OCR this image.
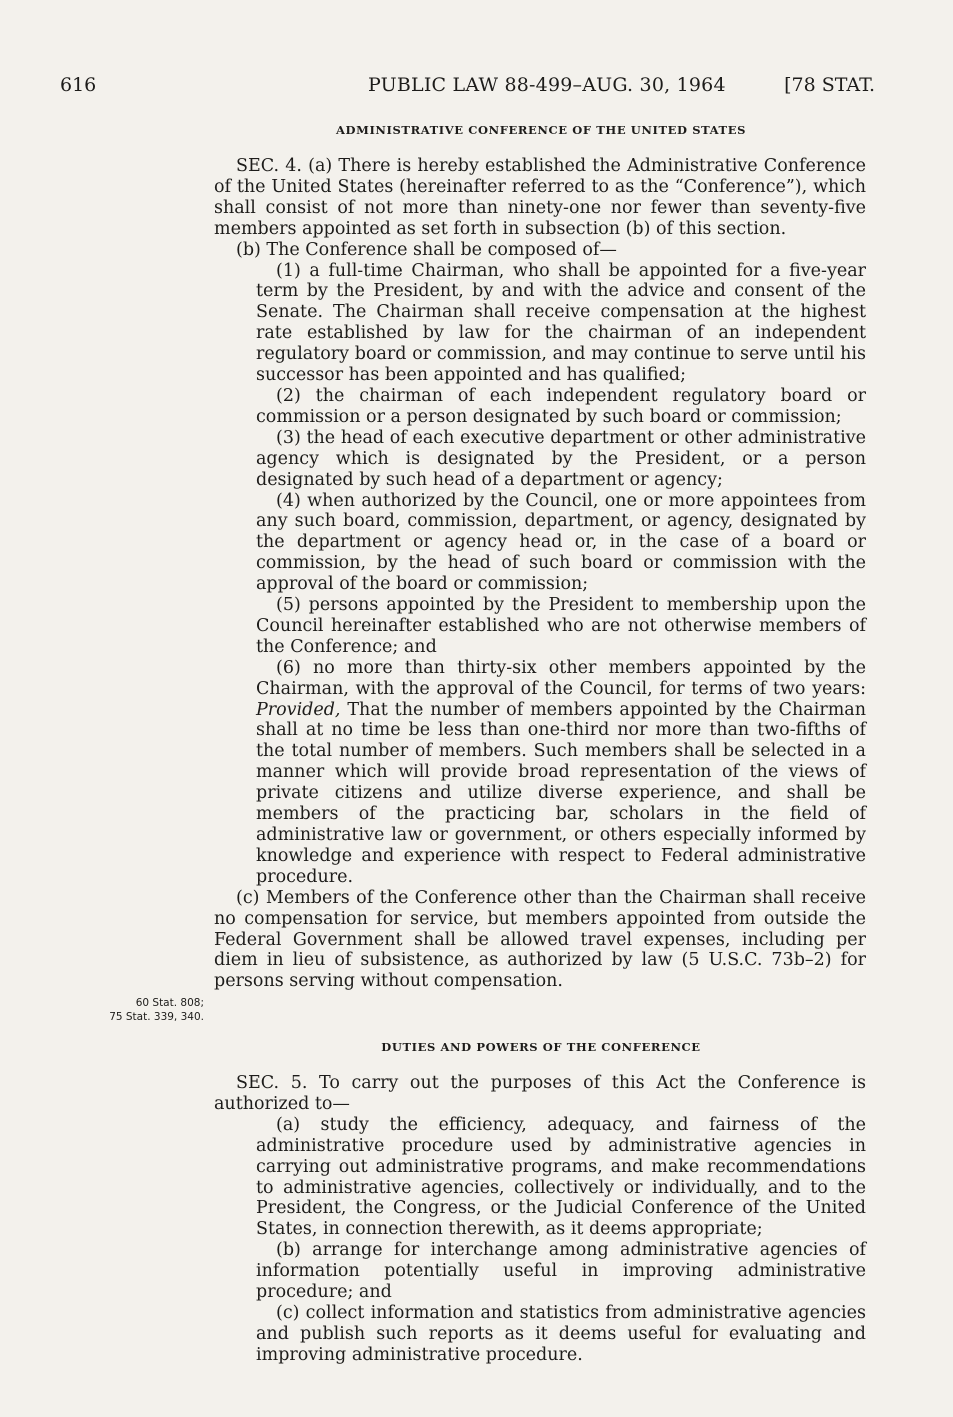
616	PUBLIC LAW 88-499–AUG. 30, 1964	[78 STAT.
ADMINISTRATIVE CONFERENCE OF THE UNITED STATES

SEC. 4. (a) There is hereby established the Administrative Conference of the United States (hereinafter referred to as the “Conference”), which shall consist of not more than ninety-one nor fewer than seventy-five members appointed as set forth in subsection (b) of this section.

(b) The Conference shall be composed of—

(1) a full-time Chairman, who shall be appointed for a five-year term by the President, by and with the advice and consent of the Senate. The Chairman shall receive compensation at the highest rate established by law for the chairman of an independent regulatory board or commission, and may continue to serve until his successor has been appointed and has qualified;

(2) the chairman of each independent regulatory board or commission or a person designated by such board or commission;

(3) the head of each executive department or other administrative agency which is designated by the President, or a person designated by such head of a department or agency;

(4) when authorized by the Council, one or more appointees from any such board, commission, department, or agency, designated by the department or agency head or, in the case of a board or commission, by the head of such board or commission with the approval of the board or commission;

(5) persons appointed by the President to membership upon the Council hereinafter established who are not otherwise members of the Conference; and

(6) no more than thirty-six other members appointed by the Chairman, with the approval of the Council, for terms of two years: Provided, That the number of members appointed by the Chairman shall at no time be less than one-third nor more than two-fifths of the total number of members. Such members shall be selected in a manner which will provide broad representation of the views of private citizens and utilize diverse experience, and shall be members of the practicing bar, scholars in the field of administrative law or government, or others especially informed by knowledge and experience with respect to Federal administrative procedure.

(c) Members of the Conference other than the Chairman shall receive no compensation for service, but members appointed from outside the Federal Government shall be allowed travel expenses, including per diem in lieu of subsistence, as authorized by law (5 U.S.C. 73b–2) for persons serving without compensation.

60 Stat. 808;
75 Stat. 339, 340.
DUTIES AND POWERS OF THE CONFERENCE

SEC. 5. To carry out the purposes of this Act the Conference is authorized to—

(a) study the efficiency, adequacy, and fairness of the administrative procedure used by administrative agencies in carrying out administrative programs, and make recommendations to administrative agencies, collectively or individually, and to the President, the Congress, or the Judicial Conference of the United States, in connection therewith, as it deems appropriate;

(b) arrange for interchange among administrative agencies of information potentially useful in improving administrative procedure; and

(c) collect information and statistics from administrative agencies and publish such reports as it deems useful for evaluating and improving administrative procedure.
